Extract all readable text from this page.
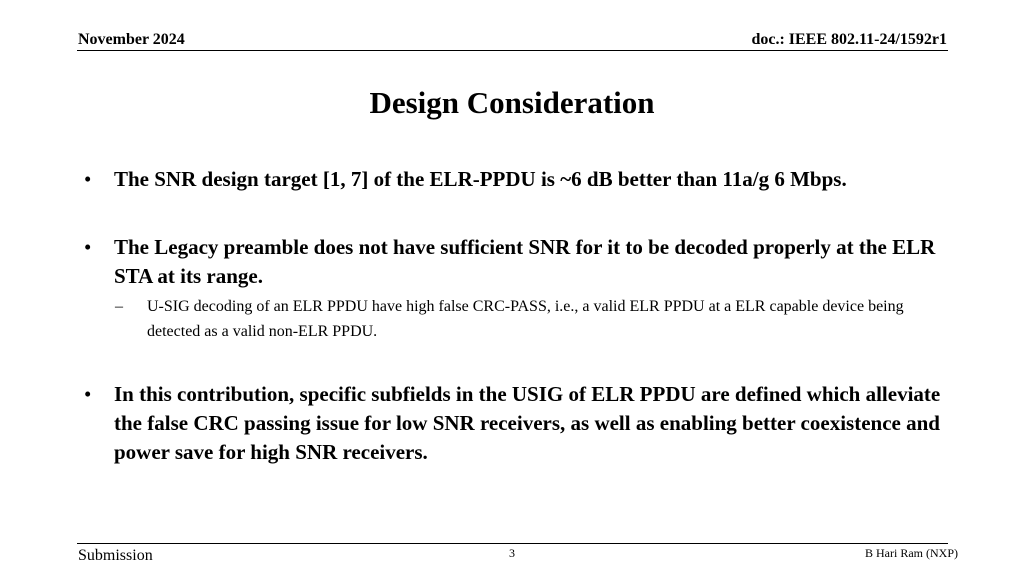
November 2024	doc.: IEEE 802.11-24/1592r1
Design Consideration
• The SNR design target [1, 7] of the ELR-PPDU is ~6 dB better than 11a/g 6 Mbps.
• The Legacy preamble does not have sufficient SNR for it to be decoded properly at the ELR STA at its range.
– U-SIG decoding of an ELR PPDU have high false CRC-PASS, i.e., a valid ELR PPDU at a ELR capable device being detected as a valid non-ELR PPDU.
• In this contribution, specific subfields in the USIG of ELR PPDU are defined which alleviate the false CRC passing issue for low SNR receivers, as well as enabling better coexistence and power save for high SNR receivers.
Submission	3	B Hari Ram (NXP)
